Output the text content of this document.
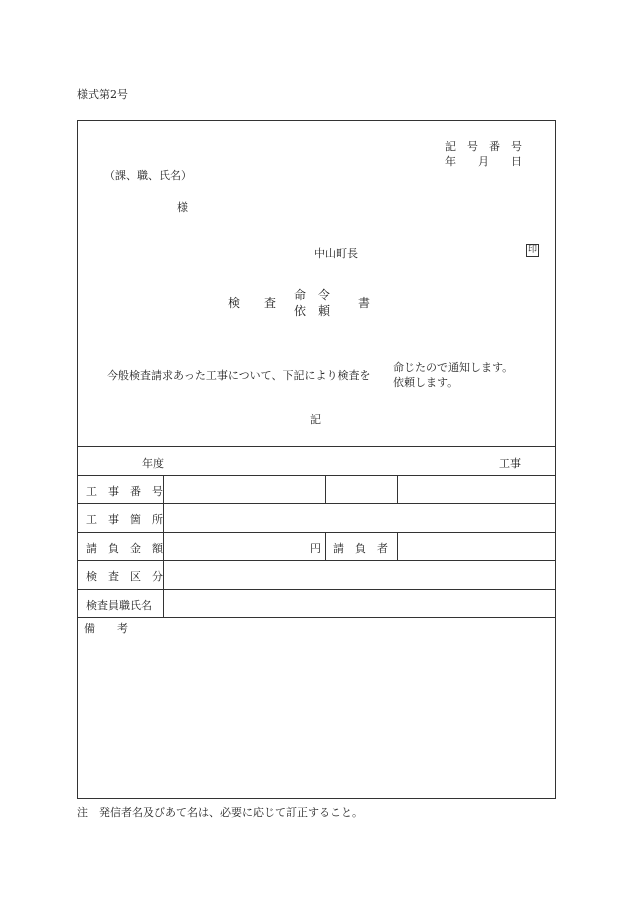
様式第2号
記　号　番　号
年　　月　　日
（課、職、氏名）
様
中山町長	印
検　　査
命　令
依　頼
書
今般検査請求あった工事について、下記により検査を
命じたので通知します。
依頼します。
記
年度	工事
工　事　番　号
工　事　箇　所
請　負　金　額	円 請　負　者
検　査　区　分
検査員職氏名
備　　考
注　発信者名及びあて名は、必要に応じて訂正すること。
